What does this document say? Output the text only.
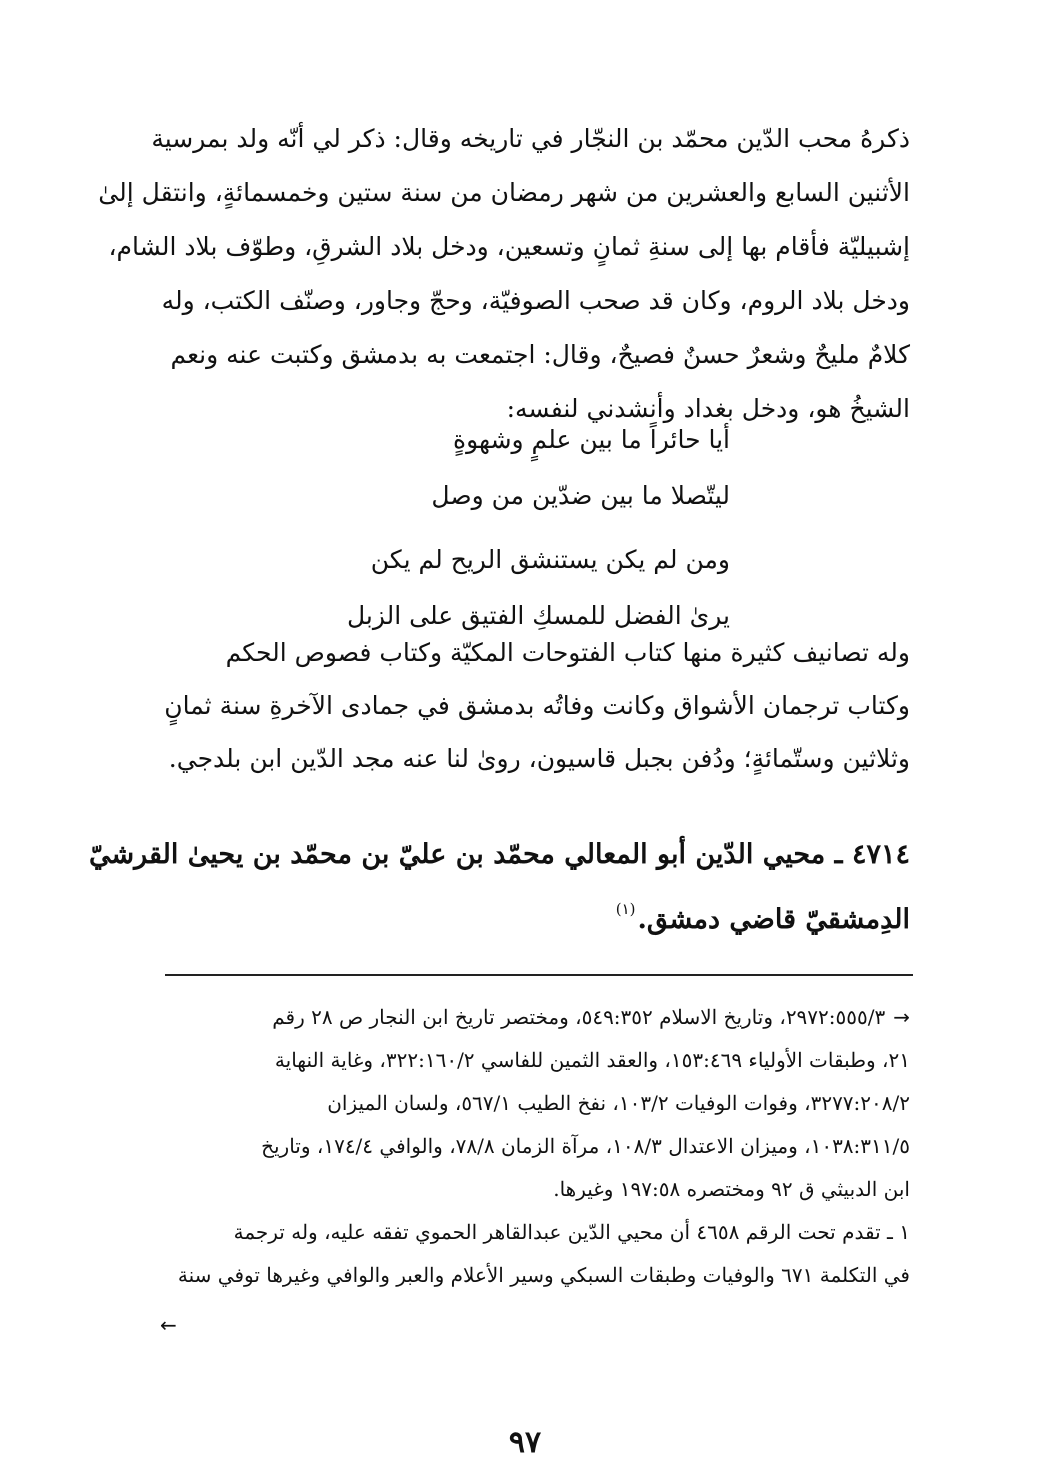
ذكرهُ محب الدّين محمّد بن النجّار في تاريخه وقال: ذكر لي أنّه ولد بمرسية
الأثنين السابع والعشرين من شهر رمضان من سنة ستين وخمسمائةٍ، وانتقل إلىٰ
إشبيليّة فأقام بها إلى سنةِ ثمانٍ وتسعين، ودخل بلاد الشرقِ، وطوّف بلاد الشام،
ودخل بلاد الروم، وكان قد صحب الصوفيّة، وحجّ وجاور، وصنّف الكتب، وله
كلامٌ مليحٌ وشعرٌ حسنٌ فصيحٌ، وقال: اجتمعت به بدمشق وكتبت عنه ونعم
الشيخُ هو، ودخل بغداد وأنشدني لنفسه:
أيا حائراً ما بين علمٍ وشهوةٍ
ليتّصلا ما بين ضدّين من وصل
ومن لم يكن يستنشق الريح لم يكن
يرىٰ الفضل للمسكِ الفتيق على الزبل
وله تصانيف كثيرة منها كتاب الفتوحات المكيّة وكتاب فصوص الحكم
وكتاب ترجمان الأشواق وكانت وفاتُه بدمشق في جمادى الآخرةِ سنة ثمانٍ
وثلاثين وستّمائةٍ؛ ودُفن بجبل قاسيون، روىٰ لنا عنه مجد الدّين ابن بلدجي.
٤٧١٤ ـ محيي الدّين أبو المعالي محمّد بن عليّ بن محمّد بن يحيىٰ القرشيّ
الدِمشقيّ قاضي دمشق.$^{(١)}$
→٢٩٧٢:٥٥٥/٣، وتاريخ الاسلام ٥٤٩:٣٥٢، ومختصر تاريخ ابن النجار ص ٢٨ رقم
٢١، وطبقات الأولياء ١٥٣:٤٦٩، والعقد الثمين للفاسي ٣٢٢:١٦٠/٢، وغاية النهاية
٣٢٧٧:٢٠٨/٢، وفوات الوفيات ١٠٣/٢، نفخ الطيب ٥٦٧/١، ولسان الميزان
١٠٣٨:٣١١/٥، وميزان الاعتدال ١٠٨/٣، مرآة الزمان ٧٨/٨، والوافي ١٧٤/٤، وتاريخ
ابن الدبيثي ق ٩٢ ومختصره ١٩٧:٥٨ وغيرها.
١ ـ تقدم تحت الرقم ٤٦٥٨ أن محيي الدّين عبدالقاهر الحموي تفقه عليه، وله ترجمة
في التكلمة ٦٧١ والوفيات وطبقات السبكي وسير الأعلام والعبر والوافي وغيرها توفي سنة
←
٩٧
